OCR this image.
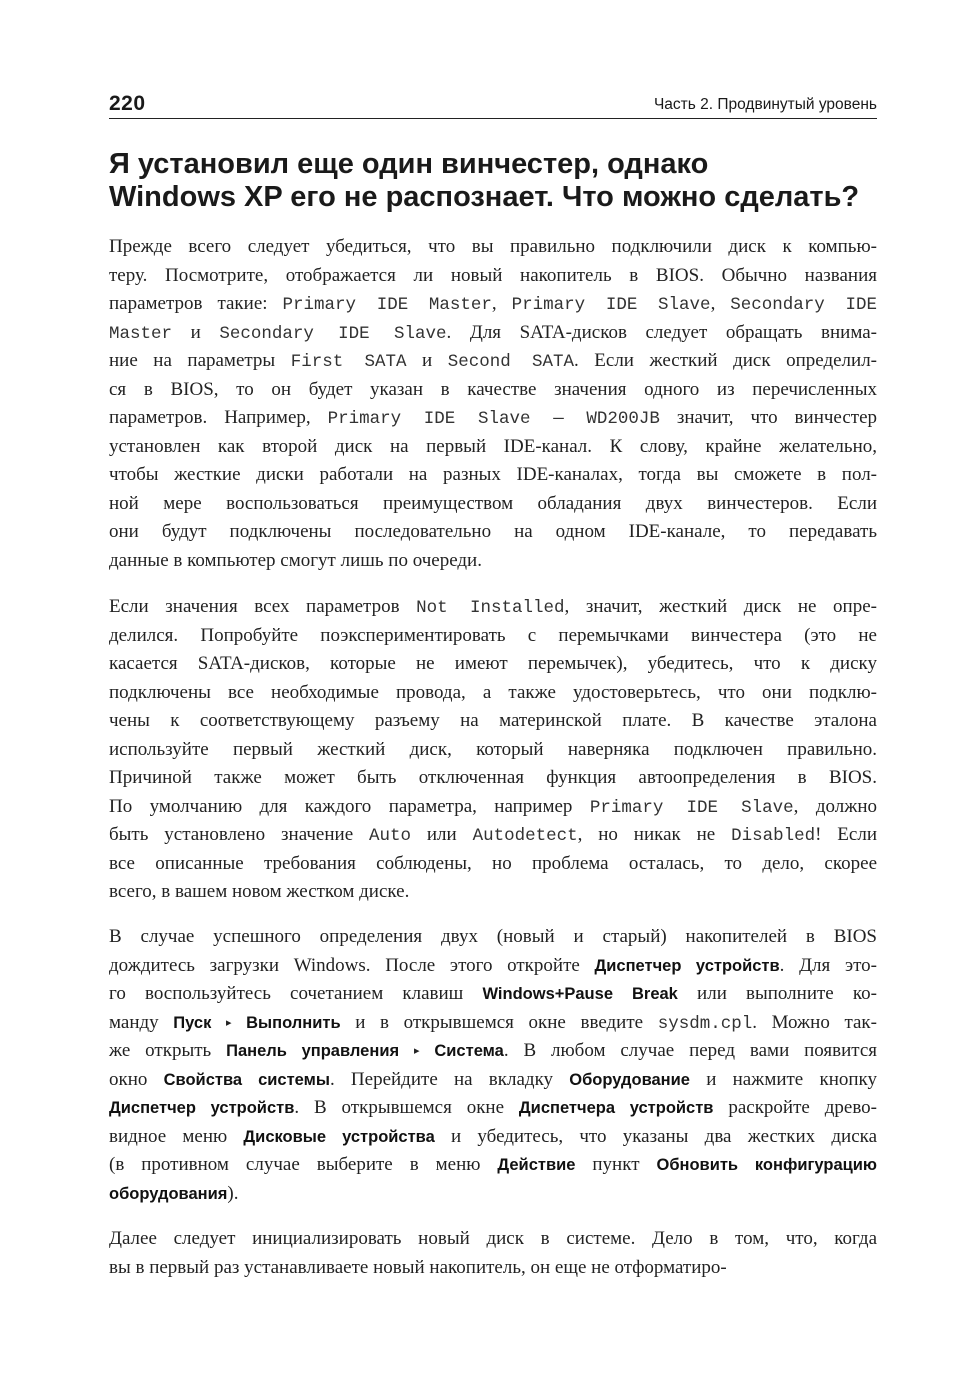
220	Часть 2. Продвинутый уровень
Я установил еще один винчестер, однако
Windows XP его не распознает. Что можно сделать?

Прежде всего следует убедиться, что вы правильно подключили диск к компью-
теру. Посмотрите, отображается ли новый накопитель в BIOS. Обычно названия
параметров такие: Primary IDE Master, Primary IDE Slave, Secondary IDE
Master и Secondary IDE Slave. Для SATA-дисков следует обращать внима-
ние на параметры First SATA и Second SATA. Если жесткий диск определил-
ся в BIOS, то он будет указан в качестве значения одного из перечисленных
параметров. Например, Primary IDE Slave — WD200JB значит, что винчестер
установлен как второй диск на первый IDE-канал. К слову, крайне желательно,
чтобы жесткие диски работали на разных IDE-каналах, тогда вы сможете в пол-
ной мере воспользоваться преимуществом обладания двух винчестеров. Если
они будут подключены последовательно на одном IDE-канале, то передавать
данные в компьютер смогут лишь по очереди.

Если значения всех параметров Not Installed, значит, жесткий диск не опре-
делился. Попробуйте поэкспериментировать с перемычками винчестера (это не
касается SATA-дисков, которые не имеют перемычек), убедитесь, что к диску
подключены все необходимые провода, а также удостоверьтесь, что они подклю-
чены к соответствующему разъему на материнской плате. В качестве эталона
используйте первый жесткий диск, который наверняка подключен правильно.
Причиной также может быть отключенная функция автоопределения в BIOS.
По умолчанию для каждого параметра, например Primary IDE Slave, должно
быть установлено значение Auto или Autodetect, но никак не Disabled! Если
все описанные требования соблюдены, но проблема осталась, то дело, скорее
всего, в вашем новом жестком диске.

В случае успешного определения двух (новый и старый) накопителей в BIOS
дождитесь загрузки Windows. После этого откройте Диспетчер устройств. Для это-
го воспользуйтесь сочетанием клавиш Windows+Pause Break или выполните ко-
манду Пуск ▸ Выполнить и в открывшемся окне введите sysdm.cpl. Можно так-
же открыть Панель управления ▸ Система. В любом случае перед вами появится
окно Свойства системы. Перейдите на вкладку Оборудование и нажмите кнопку
Диспетчер устройств. В открывшемся окне Диспетчера устройств раскройте древо-
видное меню Дисковые устройства и убедитесь, что указаны два жестких диска
(в противном случае выберите в меню Действие пункт Обновить конфигурацию
оборудования).

Далее следует инициализировать новый диск в системе. Дело в том, что, когда
вы в первый раз устанавливаете новый накопитель, он еще не отформатиро-
